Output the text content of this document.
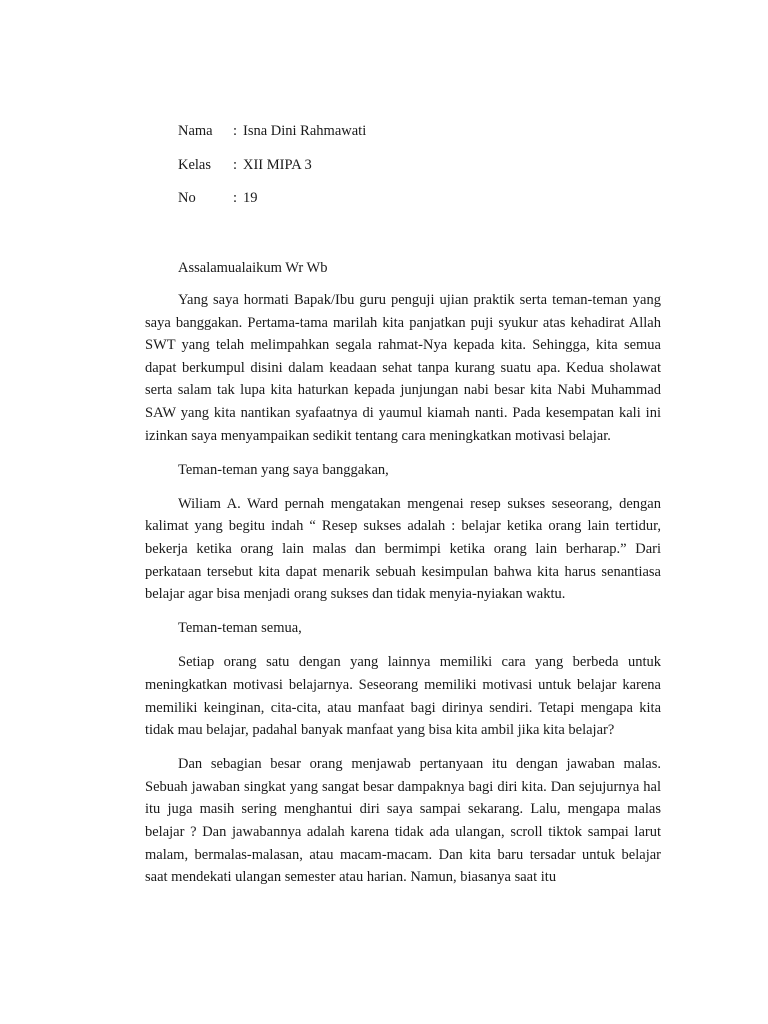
Nama : Isna Dini Rahmawati
Kelas : XII MIPA 3
No	: 19
Assalamualaikum Wr Wb

Yang saya hormati Bapak/Ibu guru penguji ujian praktik serta teman-teman yang saya banggakan. Pertama-tama marilah kita panjatkan puji syukur atas kehadirat Allah SWT yang telah melimpahkan segala rahmat-Nya kepada kita. Sehingga, kita semua dapat berkumpul disini dalam keadaan sehat tanpa kurang suatu apa. Kedua sholawat serta salam tak lupa kita haturkan kepada junjungan nabi besar kita Nabi Muhammad SAW yang kita nantikan syafaatnya di yaumul kiamah nanti. Pada kesempatan kali ini izinkan saya menyampaikan sedikit tentang cara meningkatkan motivasi belajar.

Teman-teman yang saya banggakan,

Wiliam A. Ward pernah mengatakan mengenai resep sukses seseorang, dengan kalimat yang begitu indah “ Resep sukses adalah : belajar ketika orang lain tertidur, bekerja ketika orang lain malas dan bermimpi ketika orang lain berharap.” Dari perkataan tersebut kita dapat menarik sebuah kesimpulan bahwa kita harus senantiasa belajar agar bisa menjadi orang sukses dan tidak menyia-nyiakan waktu.

Teman-teman semua,

Setiap orang satu dengan yang lainnya memiliki cara yang berbeda untuk meningkatkan motivasi belajarnya. Seseorang memiliki motivasi untuk belajar karena memiliki keinginan, cita-cita, atau manfaat bagi dirinya sendiri. Tetapi mengapa kita tidak mau belajar, padahal banyak manfaat yang bisa kita ambil jika kita belajar?

Dan sebagian besar orang menjawab pertanyaan itu dengan jawaban malas. Sebuah jawaban singkat yang sangat besar dampaknya bagi diri kita. Dan sejujurnya hal itu juga masih sering menghantui diri saya sampai sekarang. Lalu, mengapa malas belajar ? Dan jawabannya adalah karena tidak ada ulangan, scroll tiktok sampai larut malam, bermalas-malasan, atau macam-macam. Dan kita baru tersadar untuk belajar saat mendekati ulangan semester atau harian. Namun, biasanya saat itu
